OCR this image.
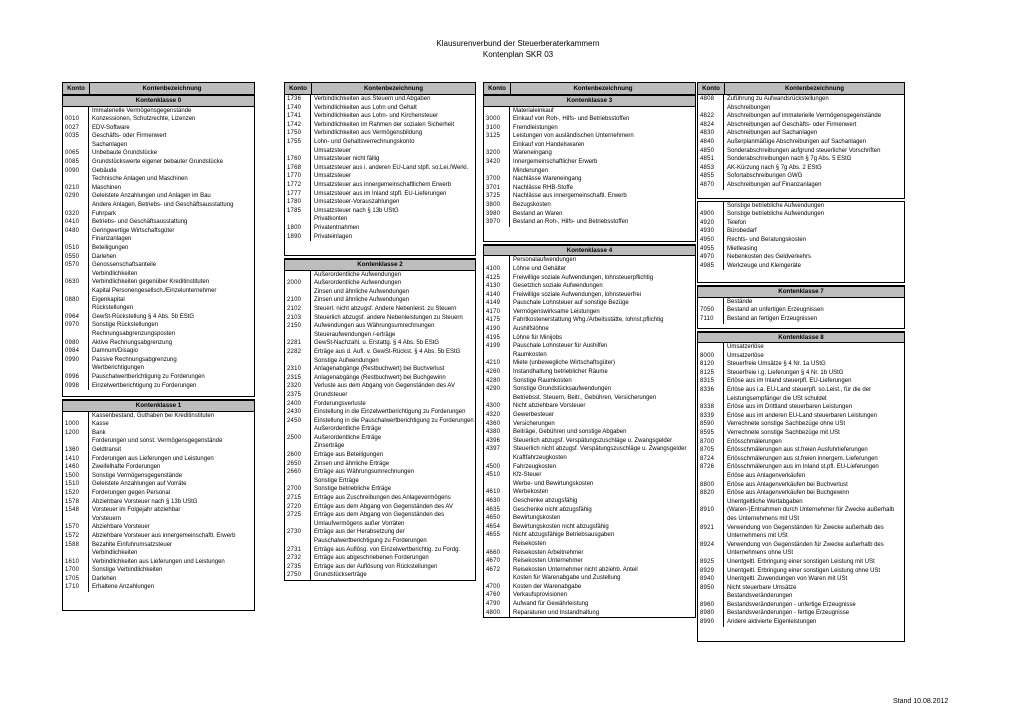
Klausurenverbund der Steuerberaterkammern
Kontenplan SKR 03
Konto	Kontenbezeichnung
Kontenklasse 0
Immaterielle Vermögensgegenstände
0010	Konzessionen, Schutzrechte, Lizenzen
0027	EDV-Software
0035	Geschäfts- oder Firmenwert
Sachanlagen
0065	Unbebaute Grundstücke
0085	Grundstückswerte eigener bebauter Grundstücke
0090	Gebäude
Technische Anlagen und Maschinen
0210	Maschinen
0290	Geleistete Anzahlungen und Anlagen im Bau
Andere Anlagen, Betriebs- und Geschäftsausstattung
0320	Fuhrpark
0410	Betriebs- und Geschäftsausstattung
0480	Geringwertige Wirtschaftsgüter
Finanzanlagen
0510	Beteiligungen
0550	Darlehen
0570	Genossenschaftsanteile
Verbindlichkeiten
0630	Verbindlichkeiten gegenüber Kreditinstituten
Kapital Personengesellsch./Einzelunternehmer
0880	Eigenkapital
Rückstellungen
0964	GewSt-Rückstellung § 4 Abs. 5b EStG
0970	Sonstige Rückstellungen
Rechnungsabgrenzungsposten
0980	Aktive Rechnungsabgrenzung
0984	Damnum/Disagio
0990	Passive Rechnungsabgrenzung
Wertberichtigungen
0996	Pauschalwertberichtigung zu Forderungen
0998	Einzelwertberichtigung zu Forderungen
Kontenklasse 1
Kassenbestand, Guthaben bei Kreditinstituten
1000	Kasse
1200	Bank
Forderungen und sonst. Vermögensgegenstände
1360	Geldtransit
1410	Forderungen aus Lieferungen und Leistungen
1460	Zweifelhafte Forderungen
1500	Sonstige Vermögensgegenstände
1510	Geleistete Anzahlungen auf Vorräte
1520	Forderungen gegen Personal
1578	Abziehbare Vorsteuer nach § 13b UStG
1548	Vorsteuer im Folgejahr abziehbar
Vorsteuern
1570	Abziehbare Vorsteuer
1572	Abziehbare Vorsteuer aus innergemeinschaftl. Erwerb
1588	Bezahlte Einfuhrumsatzsteuer
Verbindlichkeiten
1610	Verbindlichkeiten aus Lieferungen und Leistungen
1700	Sonstige Verbindlichkeiten
1705	Darlehen
1710	Erhaltene Anzahlungen
Konto	Kontenbezeichnung
1736	Verbindlichkeiten aus Steuern und Abgaben
1740	Verbindlichkeiten aus Lohn und Gehalt
1741	Verbindlichkeiten aus Lohn- und Kirchensteuer
1742	Verbindlichkeiten im Rahmen der sozialen Sicherheit
1750	Verbindlichkeiten aus Vermögensbildung
1755	Lohn- und Gehaltsverrechnungskonto
Umsatzsteuer
1760	Umsatzsteuer nicht fällig
1768	Umsatzsteuer aus i. anderen EU-Land stpfl. so.Lei./Werkl.
1770	Umsatzsteuer
1772	Umsatzsteuer aus innergemeinschaftlichem Erwerb
1777	Umsatzsteuer aus im Inland stpfl. EU-Lieferungen
1780	Umsatzsteuer-Vorauszahlungen
1785	Umsatzsteuer nach § 13b UStG
Privatkonten
1800	Privatentnahmen
1890	Privateinlagen
Kontenklasse 2
Außerordentliche Aufwendungen
2000	Außerordentliche Aufwendungen
Zinsen und ähnliche Aufwendungen
2100	Zinsen und ähnliche Aufwendungen
2102	Steuerl. nicht abzugsf. Andere Nebenleist. zu Steuern
2103	Steuerlich abzugsf. andere Nebenleistungen zu Steuern
2150	Aufwendungen aus Währungsumrechnungen
Steueraufwendungen /-erträge
2281	GewSt-Nachzahl. u. Erstattg. § 4 Abs. 5b EStG
2282	Erträge aus d. Aufl. v. GewSt-Rückst. § 4 Abs. 5b EStG
Sonstige Aufwendungen
2310	Anlagenabgänge (Restbuchwert) bei Buchverlust
2315	Anlagenabgänge (Restbuchwert) bei Buchgewinn
2320	Verluste aus dem Abgang von Gegenständen des AV
2375	Grundsteuer
2400	Forderungsverluste
2430	Einstellung in die Einzelwertberichtigung zu Forderungen
2450	Einstellung in die Pauschalwertberichtigung zu Forderungen
Außerordentliche Erträge
2500	Außerordentliche Erträge
Zinserträge
2600	Erträge aus Beteiligungen
2650	Zinsen und ähnliche Erträge
2660	Erträge aus Währungsumrechnungen
Sonstige Erträge
2700	Sonstige betriebliche Erträge
2715	Erträge aus Zuschreibungen des Anlagevermögens
2720	Erträge aus dem Abgang von Gegenständen des AV
2725	Erträge aus dem Abgang von Gegenständen des Umlaufvermögens außer Vorräten
2730	Erträge aus der Herabsetzung der Pauschalwertberichtigung zu Forderungen
2731	Erträge aus Auflösg. von Einzelwertberichtig. zu Fordg.
2732	Erträge aus abgeschriebenen Forderungen
2735	Erträge aus der Auflösung von Rückstellungen
2750	Grundstückserträge
Konto	Kontenbezeichnung
Kontenklasse 3
Materialeinkauf
3000	Einkauf von Roh-, Hilfs- und Betriebsstoffen
3100	Fremdleistungen
3125	Leistungen von ausländischen Unternehmern
Einkauf von Handelswaren
3200	Wareneingang
3420	Innergemeinschaftlicher Erwerb
Minderungen
3700	Nachlässe Wareneingang
3701	Nachlässe RHB-Stoffe
3725	Nachlässe aus innergemeinschaftl. Erwerb
3800	Bezugskosten
3980	Bestand an Waren
3970	Bestand an Roh-, Hilfs- und Betriebsstoffen
Kontenklasse 4
Personalaufwendungen
4100	Löhne und Gehälter
4125	Freiwillige soziale Aufwendungen, lohnsteuerpflichtig
4130	Gesetzlich soziale Aufwendungen
4140	Freiwillige soziale Aufwendungen, lohnsteuerfrei
4149	Pauschale Lohnsteuer auf sonstige Bezüge
4170	Vermögenswirksame Leistungen
4175	Fahrtkostenerstattung Whg./Arbeitsstätte, lohnst.pflichtig
4190	Aushilfslöhne
4195	Löhne für Minijobs
4199	Pauschale Lohnsteuer für Aushilfen
Raumkosten
4210	Miete (unbewegliche Wirtschaftsgüter)
4260	Instandhaltung betrieblicher Räume
4280	Sonstige Raumkosten
4290	Sonstige Grundstücksaufwendungen
Betriebsst. Steuern, Beitr., Gebühren, Versicherungen
4300	Nicht abziehbare Vorsteuer
4320	Gewerbesteuer
4360	Versicherungen
4380	Beiträge, Gebühren und sonstige Abgaben
4396	Steuerlich abzugsf. Verspätungszuschläge u. Zwangsgelder
4397	Steuerlich nicht abzugsf. Verspätungszuschläge u. Zwangsgelder
Kraftfahrzeugkosten
4500	Fahrzeugkosten
4510	Kfz-Steuer
Werbe- und Bewirtungskosten
4610	Werbekosten
4630	Geschenke abzugsfähig
4635	Geschenke nicht abzugsfähig
4650	Bewirtungskosten
4654	Bewirtungskosten nicht abzugsfähig
4655	Nicht abzugsfähige Betriebsausgaben
Reisekosten
4660	Reisekosten Arbeitnehmer
4670	Reisekosten Unternehmer
4672	Reisekosten Unternehmer nicht abziehb. Anteil
Kosten für Warenabgabe und Zustellung
4700	Kosten der Warenabgabe
4760	Verkaufsprovisionen
4790	Aufwand für Gewährleistung
4800	Reparaturen und Instandhaltung
Konto	Kontenbezeichnung
4808	Zuführung zu Aufwandsrückstellungen
Abschreibungen
4822	Abschreibungen auf immaterielle Vermögensgegenstände
4824	Abschreibungen auf Geschäfts- oder Firmenwert
4830	Abschreibungen auf Sachanlagen
4840	Außerplanmäßige Abschreibungen auf Sachanlagen
4850	Sonderabschreibungen aufgrund steuerlicher Vorschriften
4851	Sonderabschreibungen nach § 7g Abs. 5 EStG
4853	AK-Kürzung nach § 7g Abs. 2 EStG
4855	Sofortabschreibungen GWG
4870	Abschreibungen auf Finanzanlagen
Sonstige betriebliche Aufwendungen
4900	Sonstige betriebliche Aufwendungen
4920	Telefon
4930	Bürobedarf
4950	Rechts- und Beratungskosten
4955	Mietleasing
4970	Nebenkosten des Geldverkehrs
4985	Werkzeuge und Kleingeräte
Kontenklasse 7
Bestände
7050	Bestand an unfertigen Erzeugnissen
7110	Bestand an fertigen Erzeugnissen
Kontenklasse 8
Umsatzerlöse
8000	Umsatzerlöse
8120	Steuerfreie Umsätze § 4 Nr. 1a UStG
8125	Steuerfreie i.g. Lieferungen § 4 Nr. 1b UStG
8315	Erlöse aus im Inland steuerpfl. EU-Lieferungen
8336	Erlöse aus i.a. EU-Land steuerpfl. so.Leist., für die der Leistungsempfänger die USt schuldet
8338	Erlöse aus im Drittland steuerbaren Leistungen
8339	Erlöse aus im anderen EU-Land steuerbaren Leistungen
8590	Verrechnete sonstige Sachbezüge ohne USt
8595	Verrechnete sonstige Sachbezüge mit USt
8700	Erlösschmälerungen
8705	Erlösschmälerungen aus st.freien Ausfuhrlieferungen
8724	Erlösschmälerungen aus st.freien innergem. Lieferungen
8726	Erlösschmälerungen aus im Inland st.pfl. EU-Lieferungen
Erlöse aus Anlagenverkäufen
8800	Erlöse aus Anlagenverkäufen bei Buchverlust
8820	Erlöse aus Anlagenverkäufen bei Buchgewinn
Unentgeltliche Wertabgaben
8910	(Waren-)Entnahmen durch Unternehmer für Zwecke außerhalb des Unternehmens mit USt
8921	Verwendung von Gegenständen für Zwecke außerhalb des Unternehmens mit USt
8924	Verwendung von Gegenständen für Zwecke außerhalb des Unternehmens ohne USt
8925	Unentgeltl. Erbringung einer sonstigen Leistung mit USt
8929	Unentgeltl. Erbringung einer sonstigen Leistung ohne USt
8940	Unentgeltl. Zuwendungen von Waren mit USt
8950	Nicht steuerbare Umsätze
Bestandsveränderungen
8960	Bestandsveränderungen - unfertige Erzeugnisse
8980	Bestandsveränderungen - fertige Erzeugnisse
8990	Andere aktivierte Eigenleistungen
Stand 10.08.2012
